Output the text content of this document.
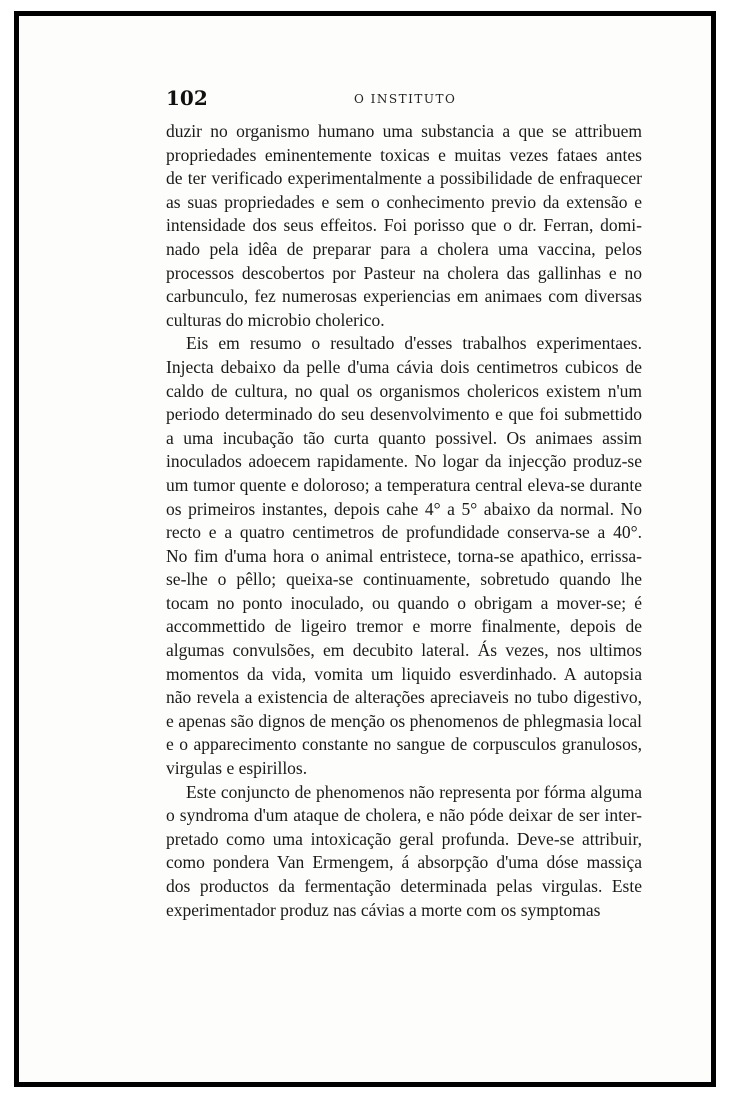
102	O INSTITUTO
duzir no organismo humano uma substancia a que se attribuem
propriedades eminentemente toxicas e muitas vezes fataes antes
de ter verificado experimentalmente a possibilidade de enfraquecer
as suas propriedades e sem o conhecimento previo da extensão e
intensidade dos seus effeitos. Foi porisso que o dr. Ferran, domi-
nado pela idêa de preparar para a cholera uma vaccina, pelos
processos descobertos por Pasteur na cholera das gallinhas e no
carbunculo, fez numerosas experiencias em animaes com diversas
culturas do microbio cholerico.
Eis em resumo o resultado d'esses trabalhos experimentaes.
Injecta debaixo da pelle d'uma cávia dois centimetros cubicos de
caldo de cultura, no qual os organismos cholericos existem n'um
periodo determinado do seu desenvolvimento e que foi submettido
a uma incubação tão curta quanto possivel. Os animaes assim
inoculados adoecem rapidamente. No logar da injecção produz-se
um tumor quente e doloroso; a temperatura central eleva-se durante
os primeiros instantes, depois cahe 4° a 5° abaixo da normal. No
recto e a quatro centimetros de profundidade conserva-se a 40°.
No fim d'uma hora o animal entristece, torna-se apathico, errissa-
se-lhe o pêllo; queixa-se continuamente, sobretudo quando lhe
tocam no ponto inoculado, ou quando o obrigam a mover-se; é
accommettido de ligeiro tremor e morre finalmente, depois de
algumas convulsões, em decubito lateral. Ás vezes, nos ultimos
momentos da vida, vomita um liquido esverdinhado. A autopsia
não revela a existencia de alterações apreciaveis no tubo digestivo,
e apenas são dignos de menção os phenomenos de phlegmasia local
e o apparecimento constante no sangue de corpusculos granulosos,
virgulas e espirillos.
Este conjuncto de phenomenos não representa por fórma alguma
o syndroma d'um ataque de cholera, e não póde deixar de ser inter-
pretado como uma intoxicação geral profunda. Deve-se attribuir,
como pondera Van Ermengem, á absorpção d'uma dóse massiça
dos productos da fermentação determinada pelas virgulas. Este
experimentador produz nas cávias a morte com os symptomas
